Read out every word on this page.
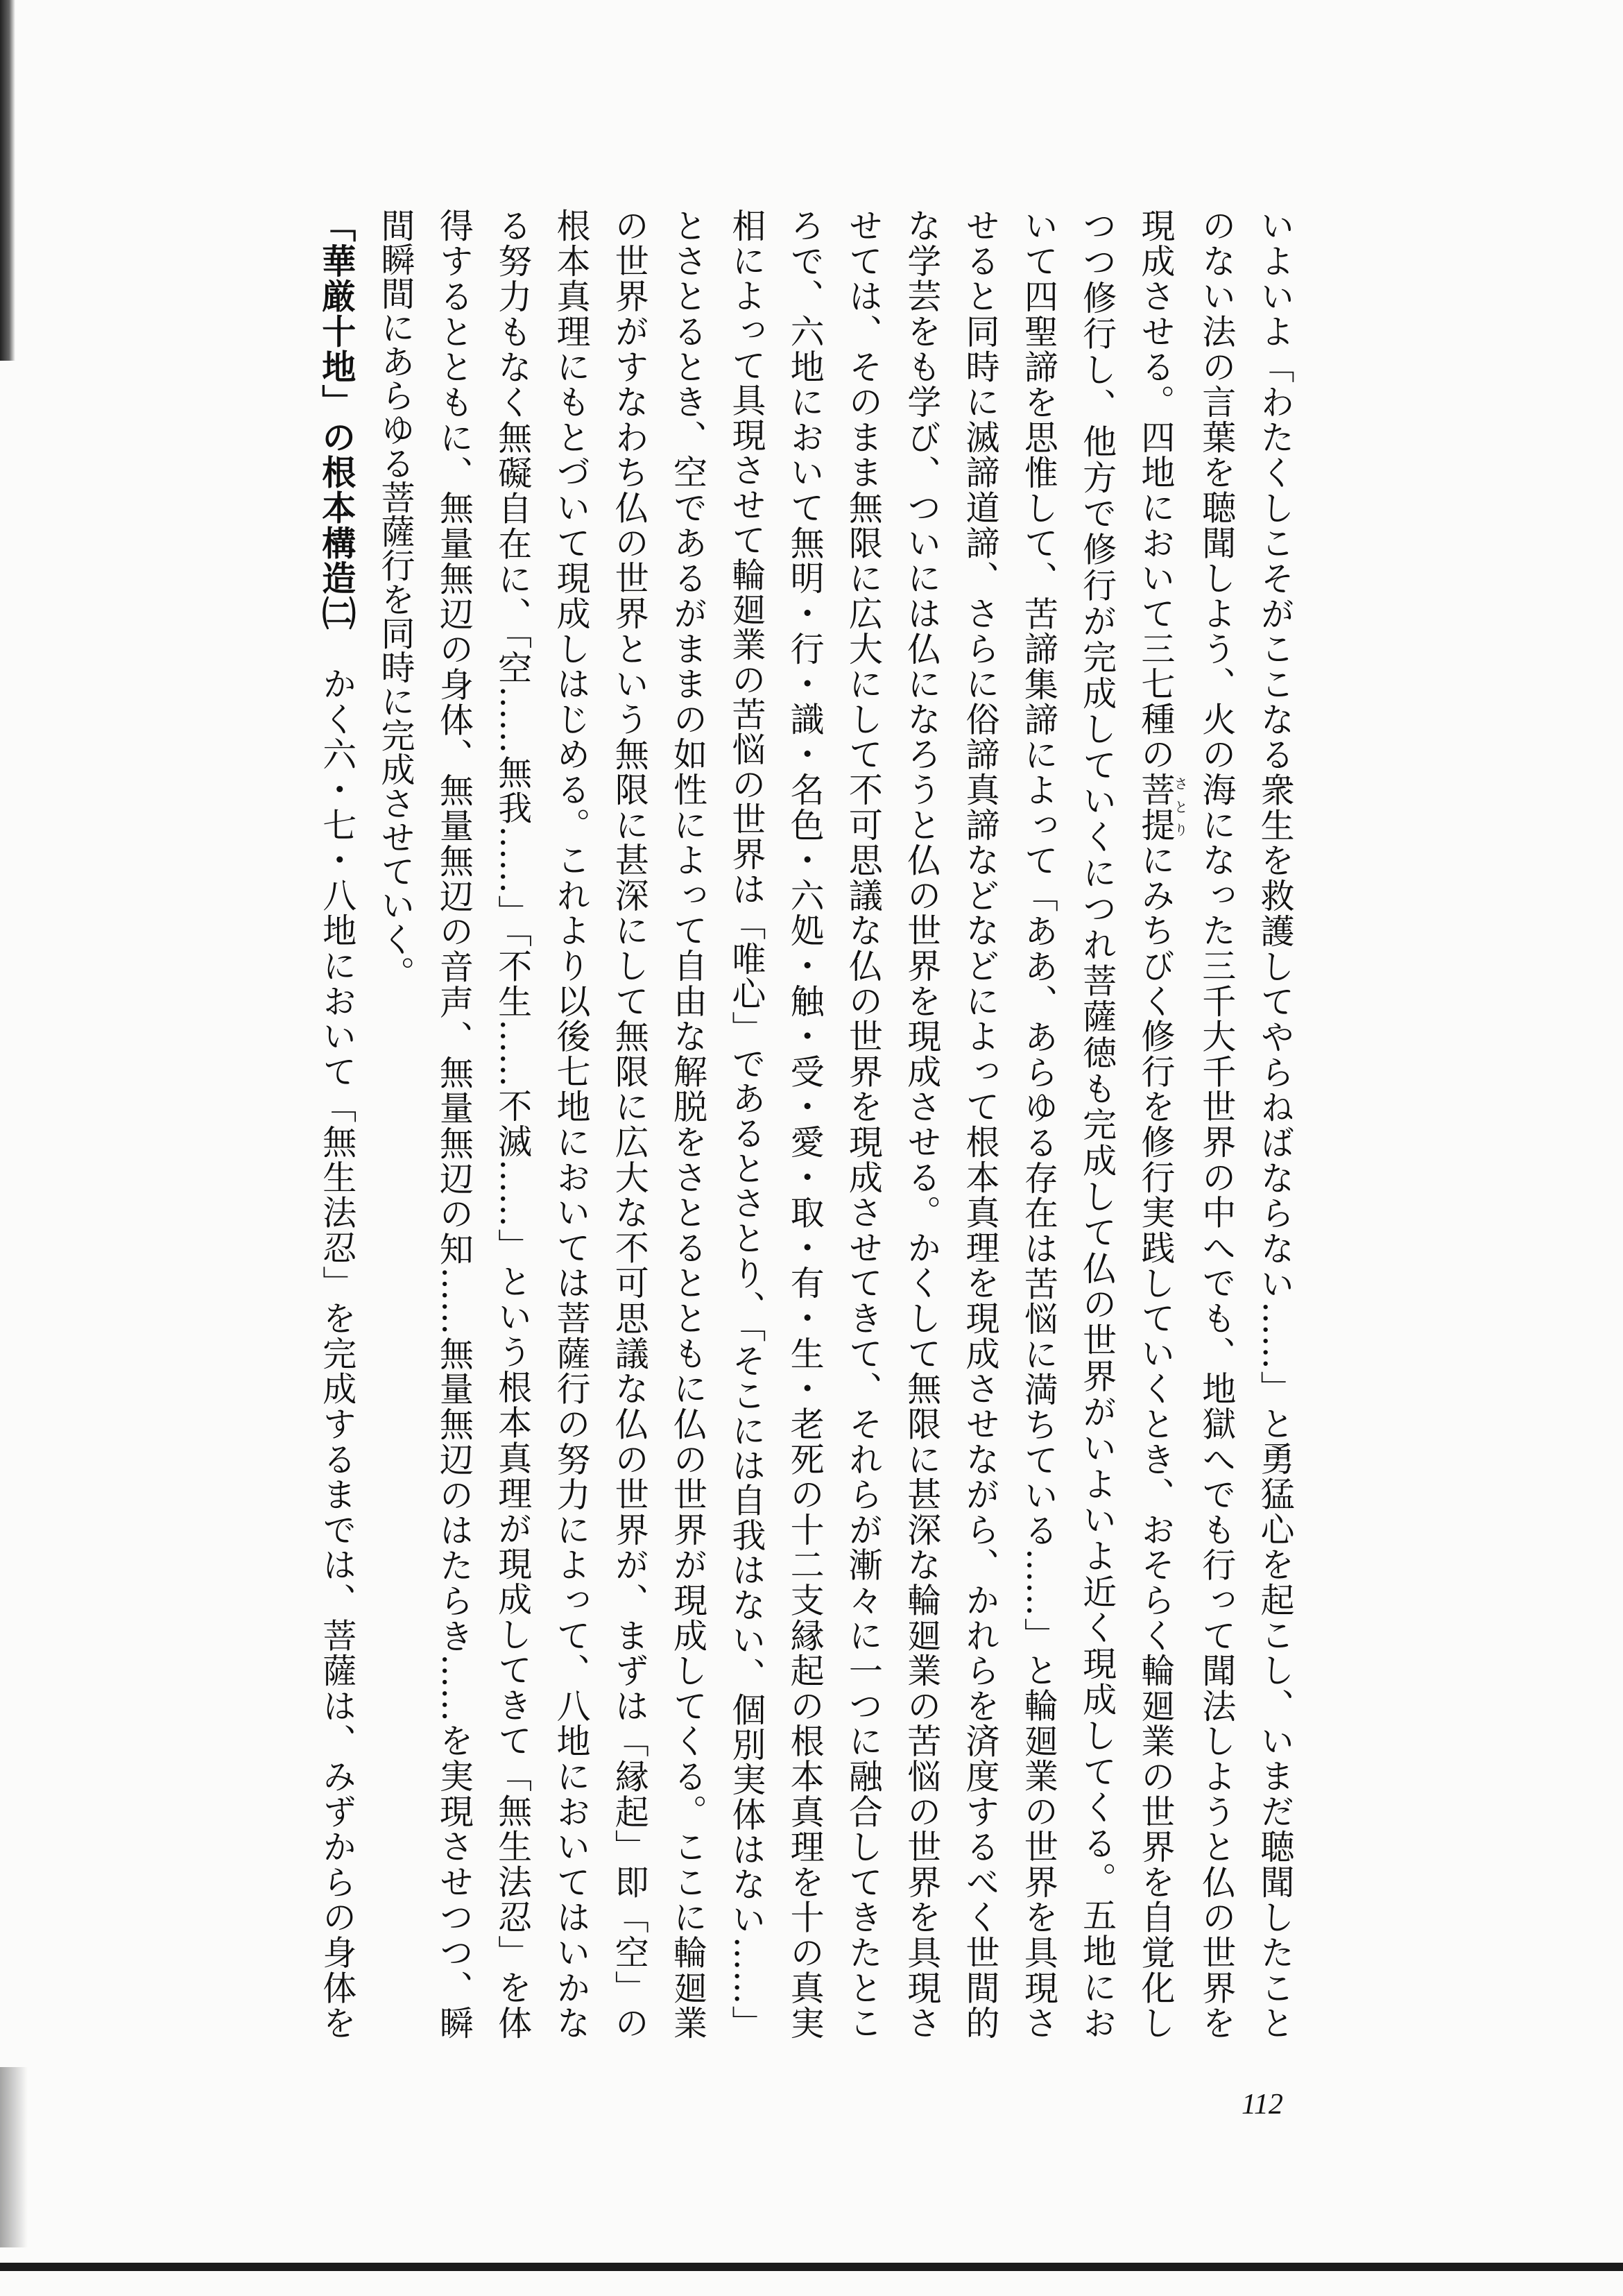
いよいよ「わたくしこそがここなる衆生を救護してやらねばならない……」と勇猛心を起こし、いまだ聴聞したこと

のない法の言葉を聴聞しよう、火の海になった三千大千世界の中へでも、地獄へでも行って聞法しようと仏の世界を

現成させる。四地において三七種の菩提さとりにみちびく修行を修行実践していくとき、おそらく輪廻業の世界を自覚化し

つつ修行し、他方で修行が完成していくにつれ菩薩徳も完成して仏の世界がいよいよ近く現成してくる。五地にお

いて四聖諦を思惟して、苦諦集諦によって「ああ、あらゆる存在は苦悩に満ちている……」と輪廻業の世界を具現さ

せると同時に滅諦道諦、さらに俗諦真諦などなどによって根本真理を現成させながら、かれらを済度するべく世間的

な学芸をも学び、ついには仏になろうと仏の世界を現成させる。かくして無限に甚深な輪廻業の苦悩の世界を具現さ

せては、そのまま無限に広大にして不可思議な仏の世界を現成させてきて、それらが漸々に一つに融合してきたとこ

ろで、六地において無明・行・識・名色・六処・触・受・愛・取・有・生・老死の十二支縁起の根本真理を十の真実

相によって具現させて輪廻業の苦悩の世界は「唯心」であるとさとり、「そこには自我はない、個別実体はない……」

とさとるとき、空であるがままの如性によって自由な解脱をさとるとともに仏の世界が現成してくる。ここに輪廻業

の世界がすなわち仏の世界という無限に甚深にして無限に広大な不可思議な仏の世界が、まずは「縁起」即「空」の

根本真理にもとづいて現成しはじめる。これより以後七地においては菩薩行の努力によって、八地においてはいかな

る努力もなく無礙自在に、「空……無我……」「不生……不滅……」という根本真理が現成してきて「無生法忍」を体

得するとともに、無量無辺の身体、無量無辺の音声、無量無辺の知……無量無辺のはたらき……を実現させつつ、瞬

間瞬間にあらゆる菩薩行を同時に完成させていく。

「華厳十地」の根本構造㈡　かく六・七・八地において「無生法忍」を完成するまでは、菩薩は、みずからの身体を

112
